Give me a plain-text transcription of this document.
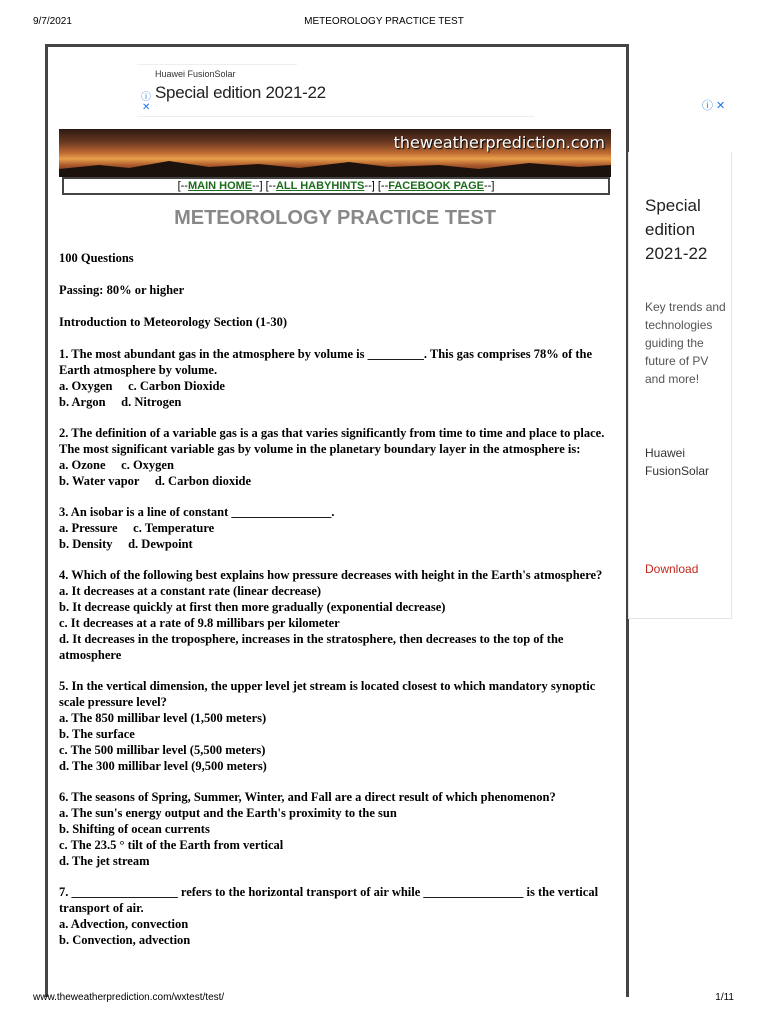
9/7/2021	METEOROLOGY PRACTICE TEST
ⓘ
✕
Huawei FusionSolar
Special edition 2021-22
theweatherprediction.com
[--MAIN HOME--] [--ALL HABYHINTS--] [--FACEBOOK PAGE--]
METEOROLOGY PRACTICE TEST

100 Questions

Passing: 80% or higher

Introduction to Meteorology Section (1-30)

1. The most abundant gas in the atmosphere by volume is _________. This gas comprises 78% of the Earth atmosphere by volume.
a. Oxygen     c. Carbon Dioxide
b. Argon     d. Nitrogen
2. The definition of a variable gas is a gas that varies significantly from time to time and place to place. The most significant variable gas by volume in the planetary boundary layer in the atmosphere is:
a. Ozone     c. Oxygen
b. Water vapor     d. Carbon dioxide
3. An isobar is a line of constant ________________.
a. Pressure     c. Temperature
b. Density     d. Dewpoint
4. Which of the following best explains how pressure decreases with height in the Earth's atmosphere?
a. It decreases at a constant rate (linear decrease)
b. It decrease quickly at first then more gradually (exponential decrease)
c. It decreases at a rate of 9.8 millibars per kilometer
d. It decreases in the troposphere, increases in the stratosphere, then decreases to the top of the atmosphere
5. In the vertical dimension, the upper level jet stream is located closest to which mandatory synoptic scale pressure level?
a. The 850 millibar level (1,500 meters)
b. The surface
c. The 500 millibar level (5,500 meters)
d. The 300 millibar level (9,500 meters)
6. The seasons of Spring, Summer, Winter, and Fall are a direct result of which phenomenon?
a. The sun's energy output and the Earth's proximity to the sun
b. Shifting of ocean currents
c. The 23.5 ° tilt of the Earth from vertical
d. The jet stream
7. _________________ refers to the horizontal transport of air while ________________ is the vertical transport of air.
a. Advection, convection
b. Convection, advection
ⓘ ✕
Special edition 2021-22
Key trends and technologies guiding the future of PV and more!
Huawei FusionSolar
Download
www.theweatherprediction.com/wxtest/test/	1/11
